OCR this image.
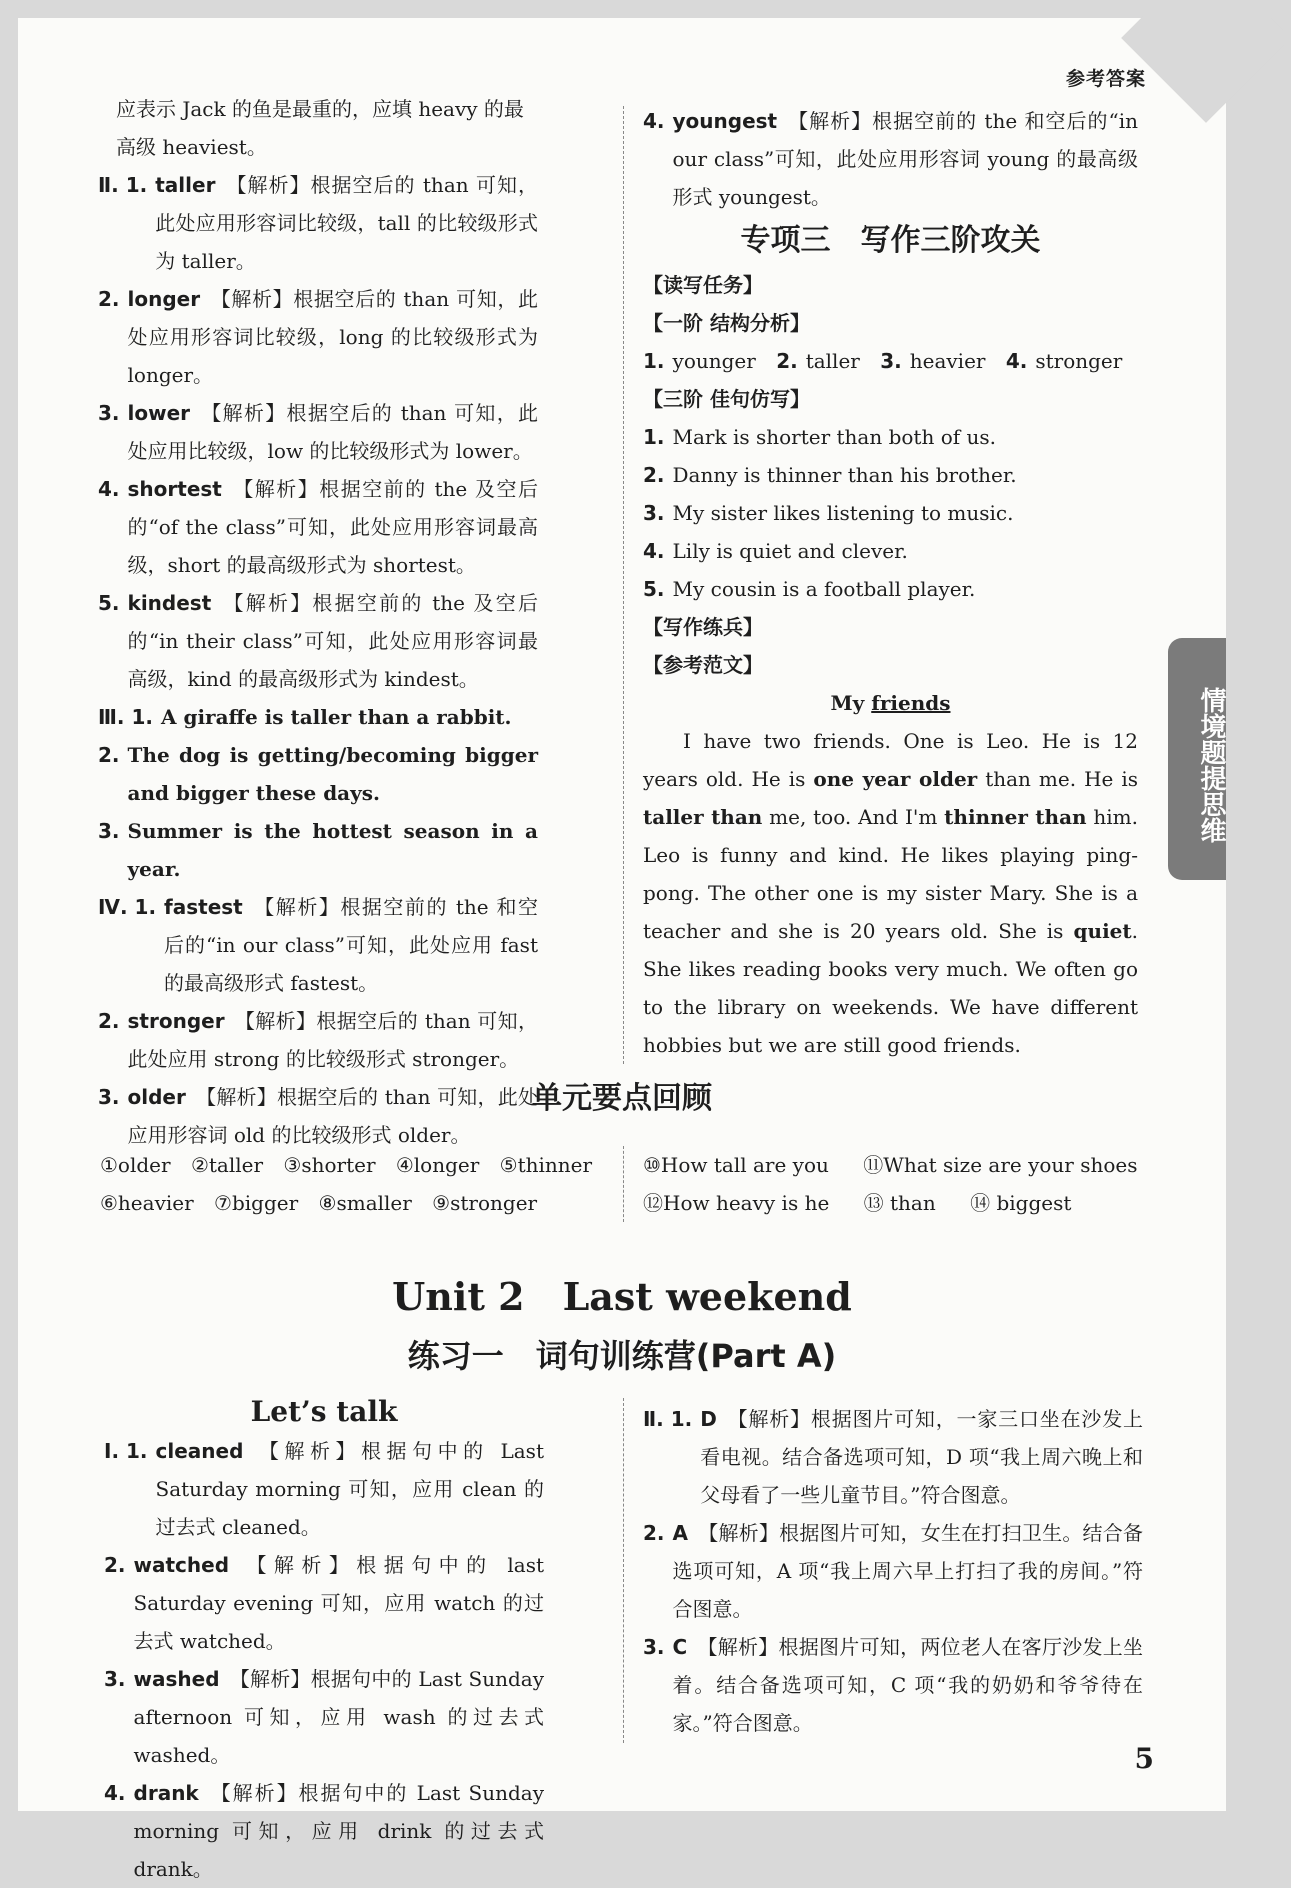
参考答案

应表示 Jack 的鱼是最重的，应填 heavy 的最高级 heaviest。

Ⅱ. 1. taller 【解析】根据空后的 than 可知，此处应用形容词比较级，tall 的比较级形式为 taller。
2. longer 【解析】根据空后的 than 可知，此处应用形容词比较级，long 的比较级形式为 longer。
3. lower 【解析】根据空后的 than 可知，此处应用比较级，low 的比较级形式为 lower。
4. shortest 【解析】根据空前的 the 及空后的“of the class”可知，此处应用形容词最高级，short 的最高级形式为 shortest。
5. kindest 【解析】根据空前的 the 及空后的“in their class”可知，此处应用形容词最高级，kind 的最高级形式为 kindest。
Ⅲ. 1. A giraffe is taller than a rabbit.
2. The dog is getting/becoming bigger and bigger these days.
3. Summer is the hottest season in a year.
Ⅳ. 1. fastest 【解析】根据空前的 the 和空后的“in our class”可知，此处应用 fast 的最高级形式 fastest。
2. stronger 【解析】根据空后的 than 可知，此处应用 strong 的比较级形式 stronger。
3. older 【解析】根据空后的 than 可知，此处应用形容词 old 的比较级形式 older。
4. youngest 【解析】根据空前的 the 和空后的“in our class”可知，此处应用形容词 young 的最高级形式 youngest。
专项三　写作三阶攻关
【读写任务】
【一阶 结构分析】
1. younger 2. taller 3. heavier 4. stronger
【三阶 佳句仿写】
1. Mark is shorter than both of us.
2. Danny is thinner than his brother.
3. My sister likes listening to music.
4. Lily is quiet and clever.
5. My cousin is a football player.
【写作练兵】
【参考范文】
My friends

I have two friends. One is Leo. He is 12 years old. He is one year older than me. He is taller than me, too. And I'm thinner than him. Leo is funny and kind. He likes playing ping-pong. The other one is my sister Mary. She is a teacher and she is 20 years old. She is quiet. She likes reading books very much. We often go to the library on weekends. We have different hobbies but we are still good friends.

情境题提思维
单元要点回顾
①older ②taller ③shorter ④longer ⑤thinner
⑥heavier ⑦bigger ⑧smaller ⑨stronger
⑩How tall are you ⑪What size are your shoes
⑫How heavy is he ⑬ than ⑭ biggest
Unit 2　Last weekend
练习一　词句训练营(Part A)
Let’s talk
Ⅰ. 1. cleaned 【解析】根据句中的 Last Saturday morning 可知，应用 clean 的过去式 cleaned。
2. watched 【解析】根据句中的 last Saturday evening 可知，应用 watch 的过去式 watched。
3. washed 【解析】根据句中的 Last Sunday afternoon 可知，应用 wash 的过去式 washed。
4. drank 【解析】根据句中的 Last Sunday morning 可知，应用 drink 的过去式 drank。
Ⅱ. 1. D 【解析】根据图片可知，一家三口坐在沙发上看电视。结合备选项可知，D 项“我上周六晚上和父母看了一些儿童节目。”符合图意。
2. A 【解析】根据图片可知，女生在打扫卫生。结合备选项可知，A 项“我上周六早上打扫了我的房间。”符合图意。
3. C 【解析】根据图片可知，两位老人在客厅沙发上坐着。结合备选项可知，C 项“我的奶奶和爷爷待在家。”符合图意。
5
